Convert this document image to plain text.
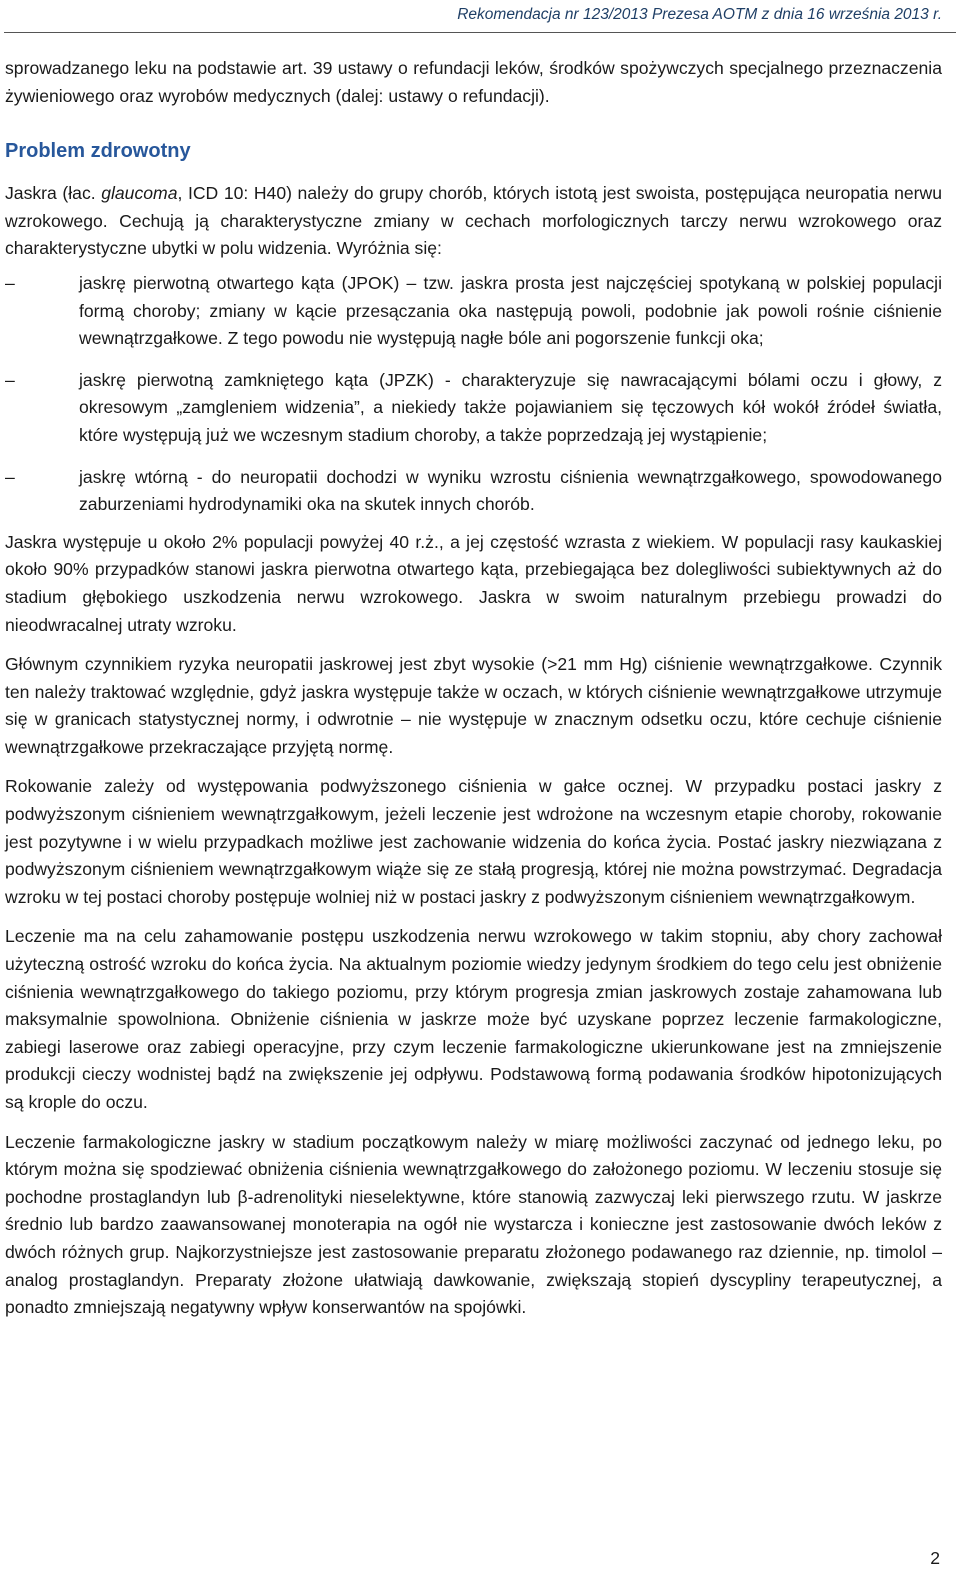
Rekomendacja nr 123/2013 Prezesa AOTM z dnia 16 września 2013 r.

sprowadzanego leku na podstawie art. 39 ustawy o refundacji leków, środków spożywczych specjalnego przeznaczenia żywieniowego oraz wyrobów medycznych (dalej: ustawy o refundacji).

Problem zdrowotny

Jaskra (łac. glaucoma, ICD 10: H40) należy do grupy chorób, których istotą jest swoista, postępująca neuropatia nerwu wzrokowego. Cechują ją charakterystyczne zmiany w cechach morfologicznych tarczy nerwu wzrokowego oraz charakterystyczne ubytki w polu widzenia. Wyróżnia się:

–	jaskrę pierwotną otwartego kąta (JPOK) – tzw. jaskra prosta jest najczęściej spotykaną w polskiej populacji formą choroby; zmiany w kącie przesączania oka następują powoli, podobnie jak powoli rośnie ciśnienie wewnątrzgałkowe. Z tego powodu nie występują nagłe bóle ani pogorszenie funkcji oka;
–	jaskrę pierwotną zamkniętego kąta (JPZK) - charakteryzuje się nawracającymi bólami oczu i głowy, z okresowym „zamgleniem widzenia”, a niekiedy także pojawianiem się tęczowych kół wokół źródeł światła, które występują już we wczesnym stadium choroby, a także poprzedzają jej wystąpienie;
–	jaskrę wtórną - do neuropatii dochodzi w wyniku wzrostu ciśnienia wewnątrzgałkowego, spowodowanego zaburzeniami hydrodynamiki oka na skutek innych chorób.

Jaskra występuje u około 2% populacji powyżej 40 r.ż., a jej częstość wzrasta z wiekiem. W populacji rasy kaukaskiej około 90% przypadków stanowi jaskra pierwotna otwartego kąta, przebiegająca bez dolegliwości subiektywnych aż do stadium głębokiego uszkodzenia nerwu wzrokowego. Jaskra w swoim naturalnym przebiegu prowadzi do nieodwracalnej utraty wzroku.

Głównym czynnikiem ryzyka neuropatii jaskrowej jest zbyt wysokie (>21 mm Hg) ciśnienie wewnątrzgałkowe. Czynnik ten należy traktować względnie, gdyż jaskra występuje także w oczach, w których ciśnienie wewnątrzgałkowe utrzymuje się w granicach statystycznej normy, i odwrotnie – nie występuje w znacznym odsetku oczu, które cechuje ciśnienie wewnątrzgałkowe przekraczające przyjętą normę.

Rokowanie zależy od występowania podwyższonego ciśnienia w gałce ocznej. W przypadku postaci jaskry z podwyższonym ciśnieniem wewnątrzgałkowym, jeżeli leczenie jest wdrożone na wczesnym etapie choroby, rokowanie jest pozytywne i w wielu przypadkach możliwe jest zachowanie widzenia do końca życia. Postać jaskry niezwiązana z podwyższonym ciśnieniem wewnątrzgałkowym wiąże się ze stałą progresją, której nie można powstrzymać. Degradacja wzroku w tej postaci choroby postępuje wolniej niż w postaci jaskry z podwyższonym ciśnieniem wewnątrzgałkowym.

Leczenie ma na celu zahamowanie postępu uszkodzenia nerwu wzrokowego w takim stopniu, aby chory zachował użyteczną ostrość wzroku do końca życia. Na aktualnym poziomie wiedzy jedynym środkiem do tego celu jest obniżenie ciśnienia wewnątrzgałkowego do takiego poziomu, przy którym progresja zmian jaskrowych zostaje zahamowana lub maksymalnie spowolniona. Obniżenie ciśnienia w jaskrze może być uzyskane poprzez leczenie farmakologiczne, zabiegi laserowe oraz zabiegi operacyjne, przy czym leczenie farmakologiczne ukierunkowane jest na zmniejszenie produkcji cieczy wodnistej bądź na zwiększenie jej odpływu. Podstawową formą podawania środków hipotonizujących są krople do oczu.

Leczenie farmakologiczne jaskry w stadium początkowym należy w miarę możliwości zaczynać od jednego leku, po którym można się spodziewać obniżenia ciśnienia wewnątrzgałkowego do założonego poziomu. W leczeniu stosuje się pochodne prostaglandyn lub β-adrenolityki nieselektywne, które stanowią zazwyczaj leki pierwszego rzutu. W jaskrze średnio lub bardzo zaawansowanej monoterapia na ogół nie wystarcza i konieczne jest zastosowanie dwóch leków z dwóch różnych grup. Najkorzystniejsze jest zastosowanie preparatu złożonego podawanego raz dziennie, np. timolol – analog prostaglandyn. Preparaty złożone ułatwiają dawkowanie, zwiększają stopień dyscypliny terapeutycznej, a ponadto zmniejszają negatywny wpływ konserwantów na spojówki.

2
